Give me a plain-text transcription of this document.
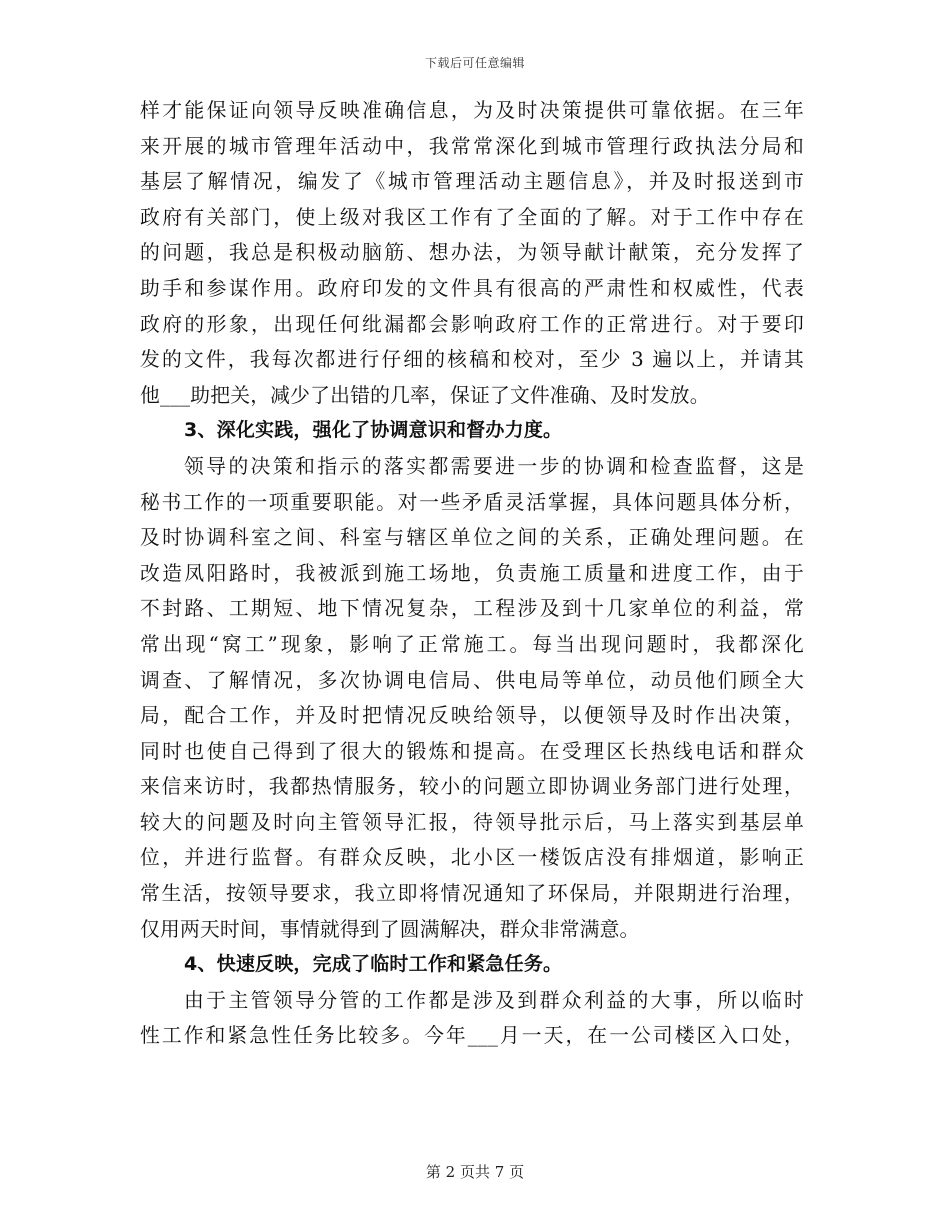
下载后可任意编辑
样才能保证向领导反映准确信息，为及时决策提供可靠依据。在三年
来开展的城市管理年活动中，我常常深化到城市管理行政执法分局和
基层了解情况，编发了《城市管理活动主题信息》，并及时报送到市
政府有关部门，使上级对我区工作有了全面的了解。对于工作中存在
的问题，我总是积极动脑筋、想办法，为领导献计献策，充分发挥了
助手和参谋作用。政府印发的文件具有很高的严肃性和权威性，代表
政府的形象，出现任何纰漏都会影响政府工作的正常进行。对于要印
发的文件，我每次都进行仔细的核稿和校对，至少 3 遍以上，并请其
他___助把关，减少了出错的几率，保证了文件准确、及时发放。
3、深化实践，强化了协调意识和督办力度。
领导的决策和指示的落实都需要进一步的协调和检查监督，这是
秘书工作的一项重要职能。对一些矛盾灵活掌握，具体问题具体分析，
及时协调科室之间、科室与辖区单位之间的关系，正确处理问题。在
改造凤阳路时，我被派到施工场地，负责施工质量和进度工作，由于
不封路、工期短、地下情况复杂，工程涉及到十几家单位的利益，常
常出现“窝工”现象，影响了正常施工。每当出现问题时，我都深化
调查、了解情况，多次协调电信局、供电局等单位，动员他们顾全大
局，配合工作，并及时把情况反映给领导，以便领导及时作出决策，
同时也使自己得到了很大的锻炼和提高。在受理区长热线电话和群众
来信来访时，我都热情服务，较小的问题立即协调业务部门进行处理，
较大的问题及时向主管领导汇报，待领导批示后，马上落实到基层单
位，并进行监督。有群众反映，北小区一楼饭店没有排烟道，影响正
常生活，按领导要求，我立即将情况通知了环保局，并限期进行治理，
仅用两天时间，事情就得到了圆满解决，群众非常满意。
4、快速反映，完成了临时工作和紧急任务。
由于主管领导分管的工作都是涉及到群众利益的大事，所以临时
性工作和紧急性任务比较多。今年___月一天，在一公司楼区入口处，
第 2 页共 7 页
